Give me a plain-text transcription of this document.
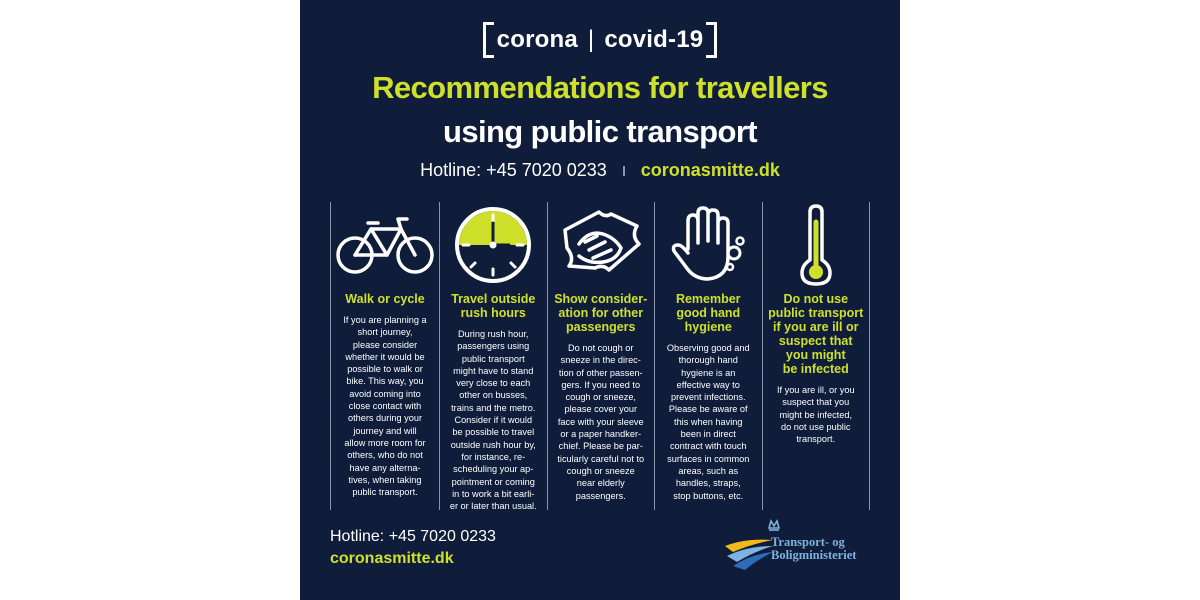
corona | covid-19
Recommendations for travellers
using public transport
Hotline: +45 7020 0233 coronasmitte.dk
Walk or cycle
If you are planning a
short journey,
please consider
whether it would be
possible to walk or
bike. This way, you
avoid coming into
close contact with
others during your
journey and will
allow more room for
others, who do not
have any alterna-
tives, when taking
public transport.
Travel outside
rush hours
During rush hour,
passengers using
public transport
might have to stand
very close to each
other on busses,
trains and the metro.
Consider if it would
be possible to travel
outside rush hour by,
for instance, re-
scheduling your ap-
pointment or coming
in to work a bit earli-
er or later than usual.
Show consider-
ation for other
passengers
Do not cough or
sneeze in the direc-
tion of other passen-
gers. If you need to
cough or sneeze,
please cover your
face with your sleeve
or a paper handker-
chief. Please be par-
ticularly careful not to
cough or sneeze
near elderly
passengers.
Remember
good hand
hygiene
Observing good and
thorough hand
hygiene is an
effective way to
prevent infections.
Please be aware of
this when having
been in direct
contract with touch
surfaces in common
areas, such as
handles, straps,
stop buttons, etc.
Do not use
public transport
if you are ill or
suspect that
you might
be infected
If you are ill, or you
suspect that you
might be infected,
do not use public
transport.
Hotline: +45 7020 0233
coronasmitte.dk
Transport- og
Boligministeriet
